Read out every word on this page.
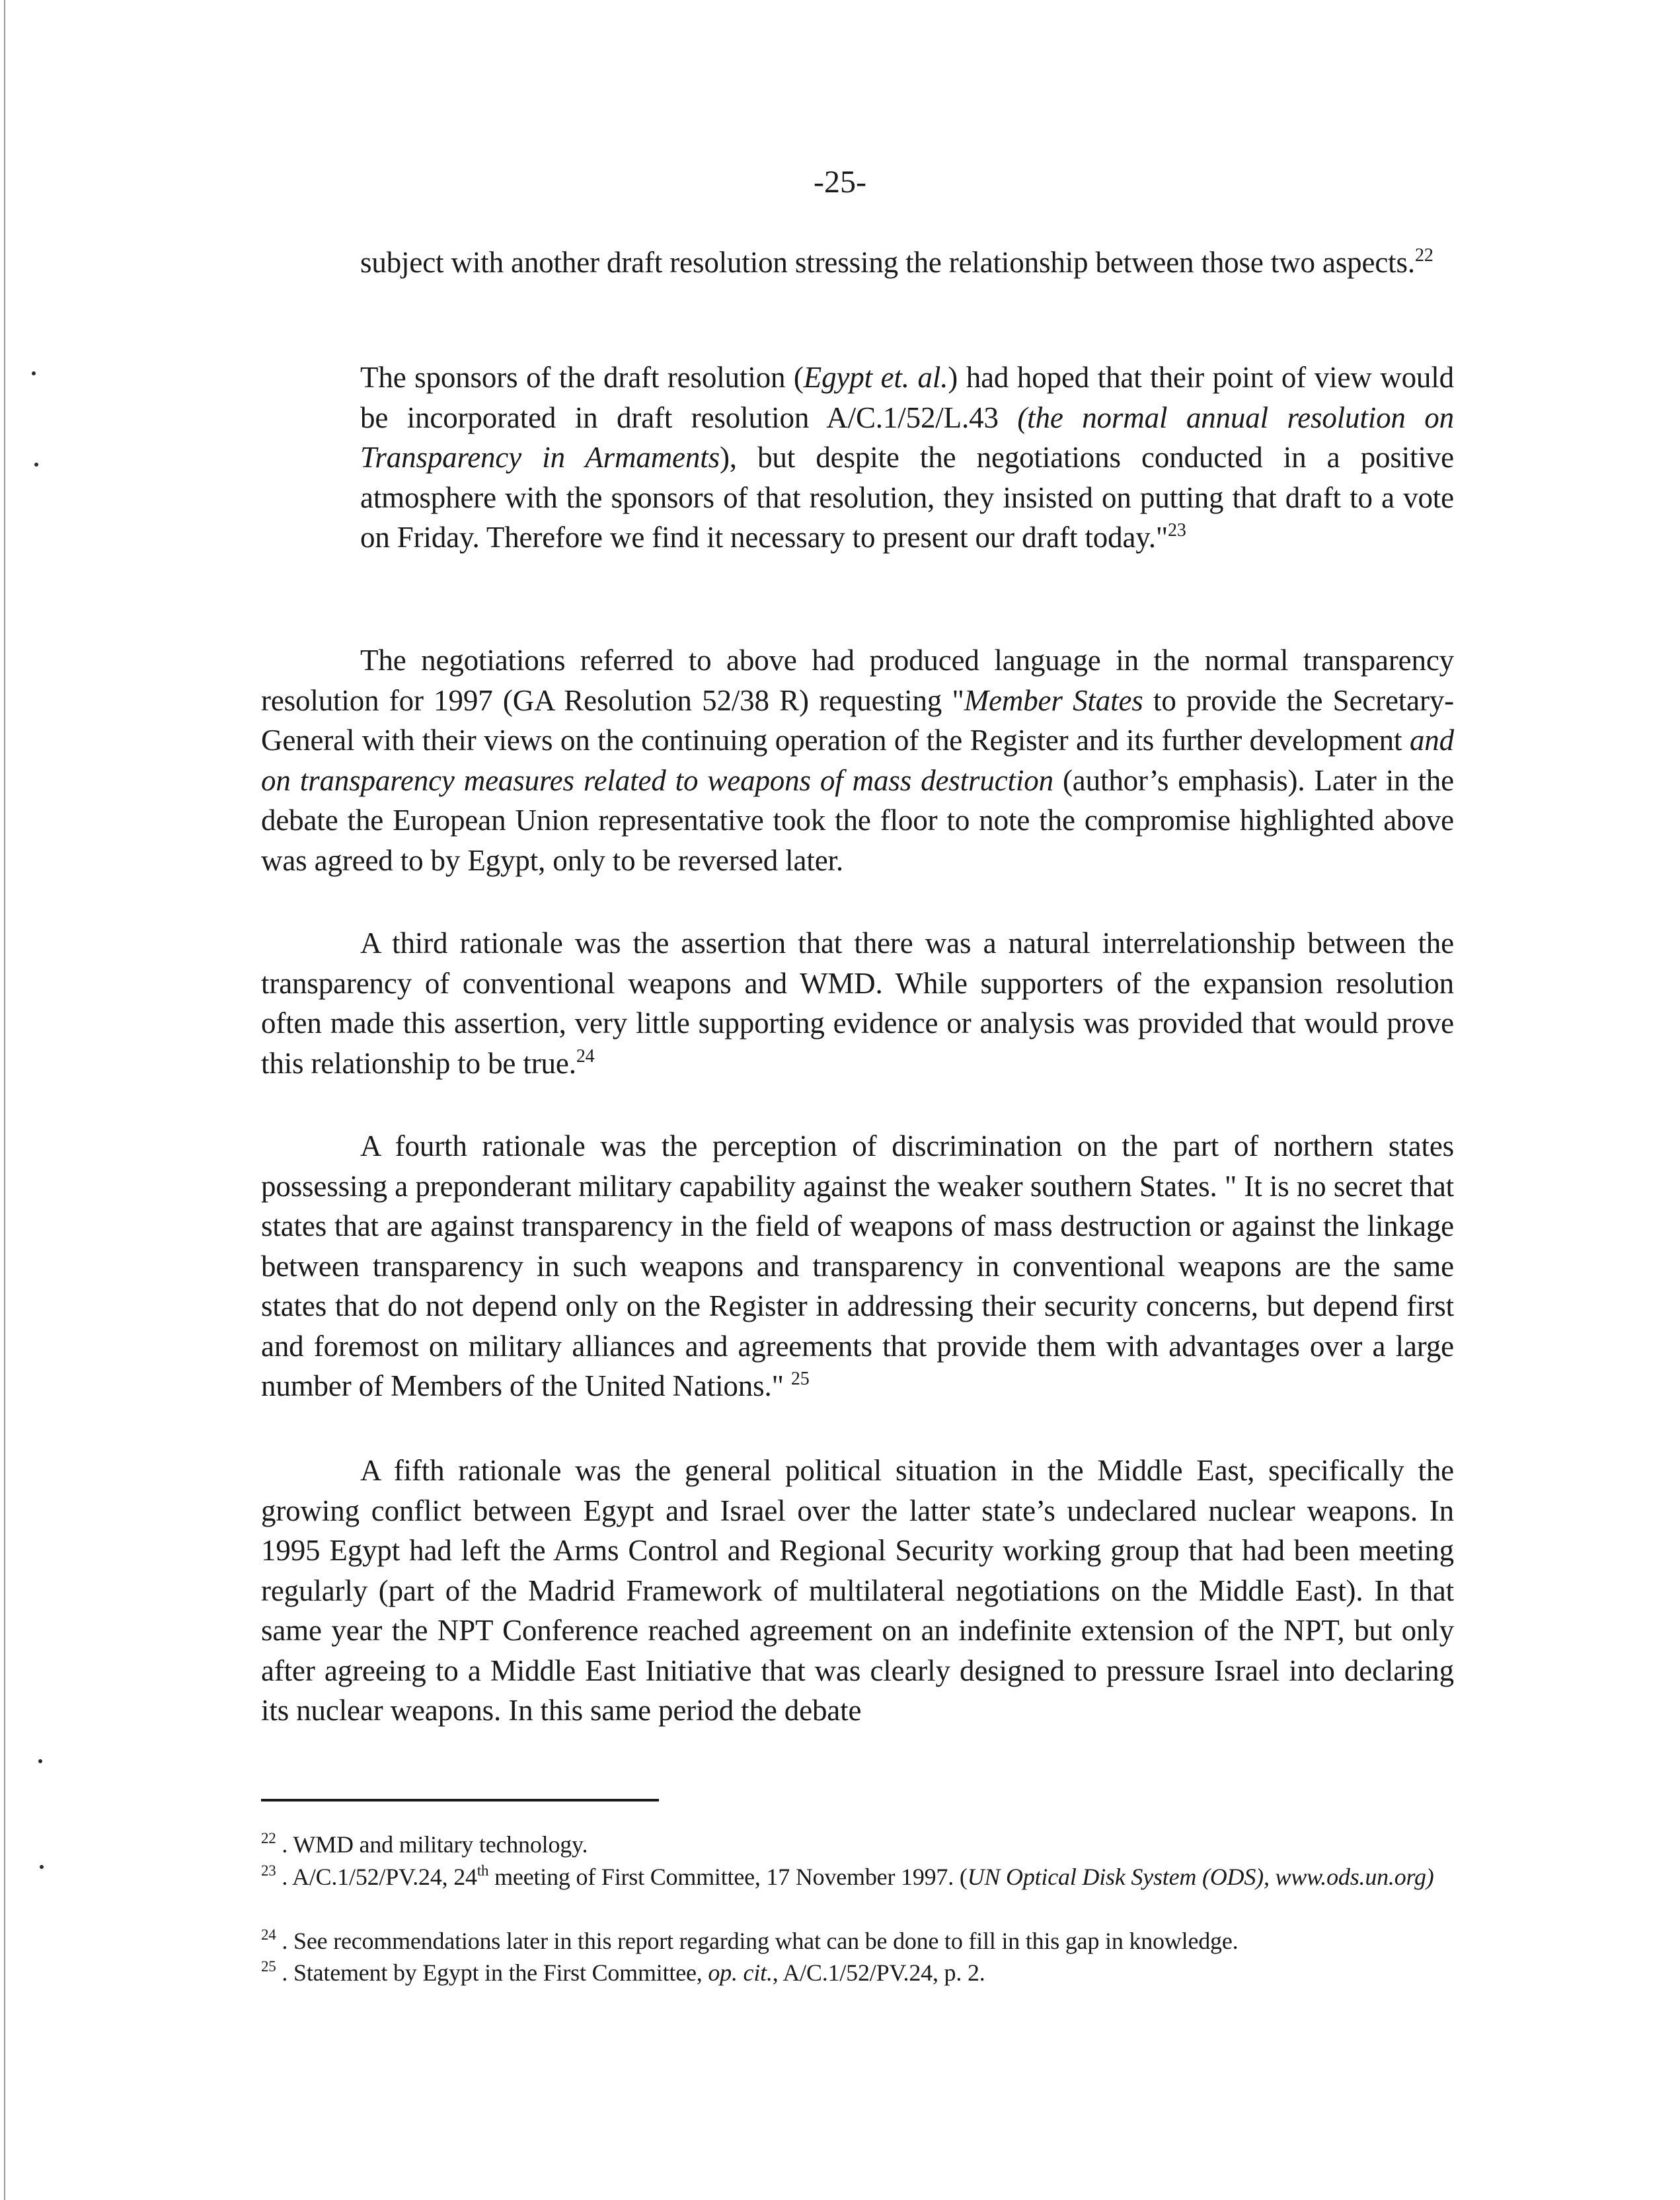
-25-

subject with another draft resolution stressing the relationship between those two aspects.$^{22}$

The sponsors of the draft resolution (Egypt et. al.) had hoped that their point of view would be incorporated in draft resolution A/C.1/52/L.43 (the normal annual resolution on Transparency in Armaments), but despite the negotiations conducted in a positive atmosphere with the sponsors of that resolution, they insisted on putting that draft to a vote on Friday. Therefore we find it necessary to present our draft today."$^{23}$

The negotiations referred to above had produced language in the normal transparency resolution for 1997 (GA Resolution 52/38 R) requesting "Member States to provide the Secretary-General with their views on the continuing operation of the Register and its further development and on transparency measures related to weapons of mass destruction (author’s emphasis). Later in the debate the European Union representative took the floor to note the compromise highlighted above was agreed to by Egypt, only to be reversed later.

A third rationale was the assertion that there was a natural interrelationship between the transparency of conventional weapons and WMD. While supporters of the expansion resolution often made this assertion, very little supporting evidence or analysis was provided that would prove this relationship to be true.$^{24}$

A fourth rationale was the perception of discrimination on the part of northern states possessing a preponderant military capability against the weaker southern States. " It is no secret that states that are against transparency in the field of weapons of mass destruction or against the linkage between transparency in such weapons and transparency in conventional weapons are the same states that do not depend only on the Register in addressing their security concerns, but depend first and foremost on military alliances and agreements that provide them with advantages over a large number of Members of the United Nations." $^{25}$

A fifth rationale was the general political situation in the Middle East, specifically the growing conflict between Egypt and Israel over the latter state’s undeclared nuclear weapons. In 1995 Egypt had left the Arms Control and Regional Security working group that had been meeting regularly (part of the Madrid Framework of multilateral negotiations on the Middle East). In that same year the NPT Conference reached agreement on an indefinite extension of the NPT, but only after agreeing to a Middle East Initiative that was clearly designed to pressure Israel into declaring its nuclear weapons. In this same period the debate

$^{22}$ . WMD and military technology.

$^{23}$ . A/C.1/52/PV.24, 24th meeting of First Committee, 17 November 1997. (UN Optical Disk System (ODS), www.ods.un.org)

$^{24}$ . See recommendations later in this report regarding what can be done to fill in this gap in knowledge.

$^{25}$ . Statement by Egypt in the First Committee, op. cit., A/C.1/52/PV.24, p. 2.
